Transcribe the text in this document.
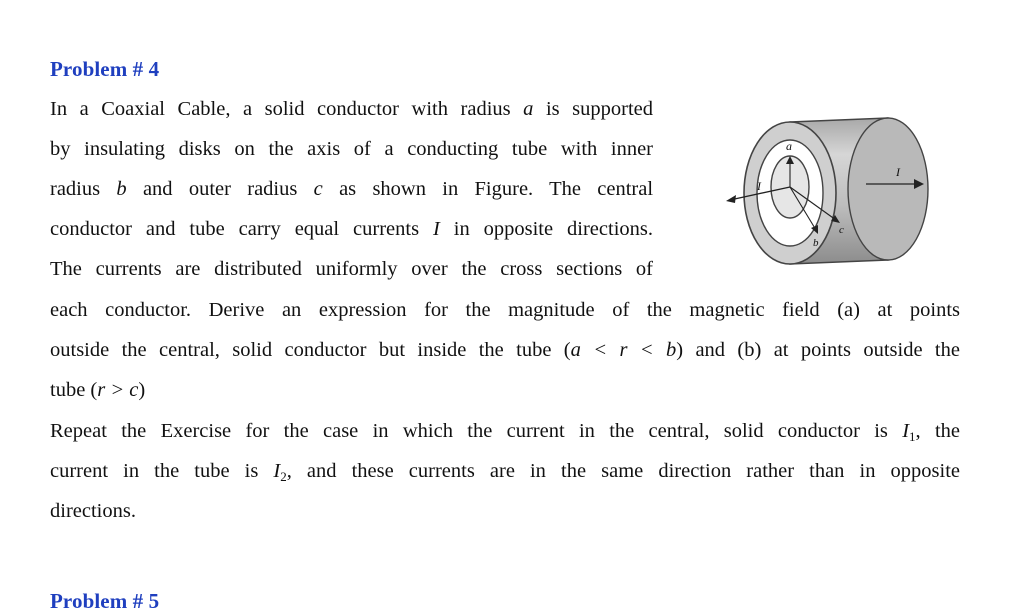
Problem # 4
In a Coaxial Cable, a solid conductor with radius a is supported
by insulating disks on the axis of a conducting tube with inner
radius b and outer radius c as shown in Figure. The central
conductor and tube carry equal currents I in opposite directions.
The currents are distributed uniformly over the cross sections of
each conductor. Derive an expression for the magnitude of the magnetic field (a) at points
outside the central, solid conductor but inside the tube (a < r < b) and (b) at points outside the
tube (r > c)
Repeat the Exercise for the case in which the current in the central, solid conductor is $I_1$, the
current in the tube is $I_2$, and these currents are in the same direction rather than in opposite
directions.
Problem # 5
a
b
c
I
I
